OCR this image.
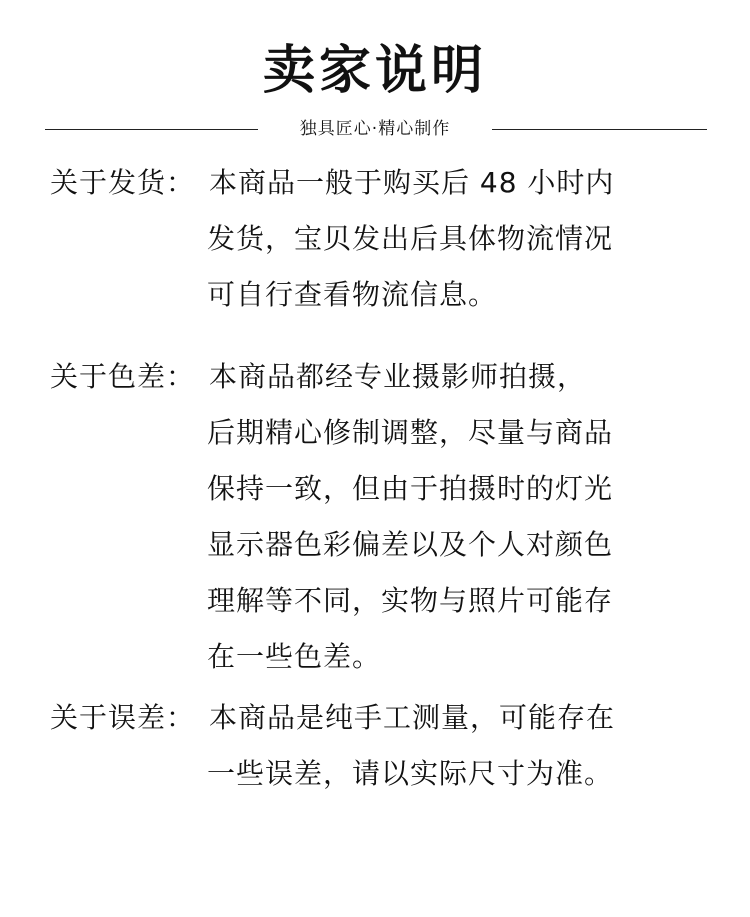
卖家说明
独具匠心·精心制作
关于发货： 本商品一般于购买后 48 小时内
发货，宝贝发出后具体物流情况
可自行查看物流信息。
关于色差： 本商品都经专业摄影师拍摄，
后期精心修制调整，尽量与商品
保持一致，但由于拍摄时的灯光
显示器色彩偏差以及个人对颜色
理解等不同，实物与照片可能存
在一些色差。
关于误差： 本商品是纯手工测量，可能存在
一些误差，请以实际尺寸为准。
